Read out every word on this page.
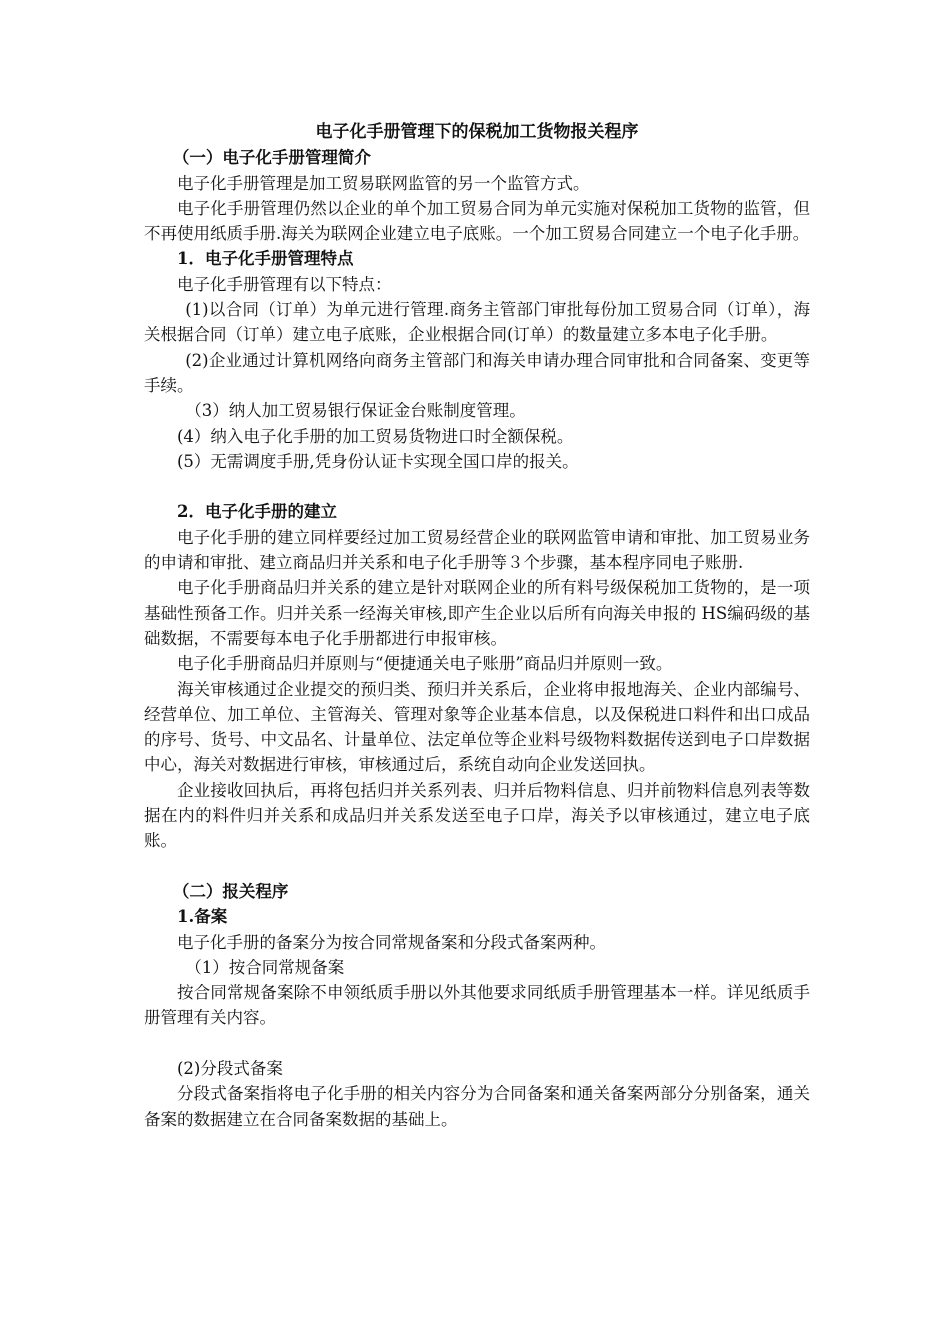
电子化手册管理下的保税加工货物报关程序

（一）电子化手册管理简介

电子化手册管理是加工贸易联网监管的另一个监管方式。

电子化手册管理仍然以企业的单个加工贸易合同为单元实施对保税加工货物的监管，但不再使用纸质手册.海关为联网企业建立电子底账。一个加工贸易合同建立一个电子化手册。

1．电子化手册管理特点

电子化手册管理有以下特点：

(1)以合同（订单）为单元进行管理.商务主管部门审批每份加工贸易合同（订单），海关根据合同（订单）建立电子底账，企业根据合同(订单）的数量建立多本电子化手册。

(2)企业通过计算机网络向商务主管部门和海关申请办理合同审批和合同备案、变更等手续。

（3）纳人加工贸易银行保证金台账制度管理。

(4）纳入电子化手册的加工贸易货物进口时全额保税。

(5）无需调度手册,凭身份认证卡实现全国口岸的报关。

2．电子化手册的建立

电子化手册的建立同样要经过加工贸易经营企业的联网监管申请和审批、加工贸易业务的申请和审批、建立商品归并关系和电子化手册等３个步骤，基本程序同电子账册.

电子化手册商品归并关系的建立是针对联网企业的所有料号级保税加工货物的，是一项基础性预备工作。归并关系一经海关审核,即产生企业以后所有向海关申报的 HS编码级的基础数据，不需要每本电子化手册都进行申报审核。

电子化手册商品归并原则与“便捷通关电子账册”商品归并原则一致。

海关审核通过企业提交的预归类、预归并关系后，企业将申报地海关、企业内部编号、经营单位、加工单位、主管海关、管理对象等企业基本信息，以及保税进口料件和出口成品的序号、货号、中文品名、计量单位、法定单位等企业料号级物料数据传送到电子口岸数据中心，海关对数据进行审核，审核通过后，系统自动向企业发送回执。

企业接收回执后，再将包括归并关系列表、归并后物料信息、归并前物料信息列表等数据在内的料件归并关系和成品归并关系发送至电子口岸，海关予以审核通过，建立电子底账。

（二）报关程序

1.备案

电子化手册的备案分为按合同常规备案和分段式备案两种。

（1）按合同常规备案

按合同常规备案除不申领纸质手册以外其他要求同纸质手册管理基本一样。详见纸质手册管理有关内容。

(2)分段式备案

分段式备案指将电子化手册的相关内容分为合同备案和通关备案两部分分别备案，通关备案的数据建立在合同备案数据的基础上。
